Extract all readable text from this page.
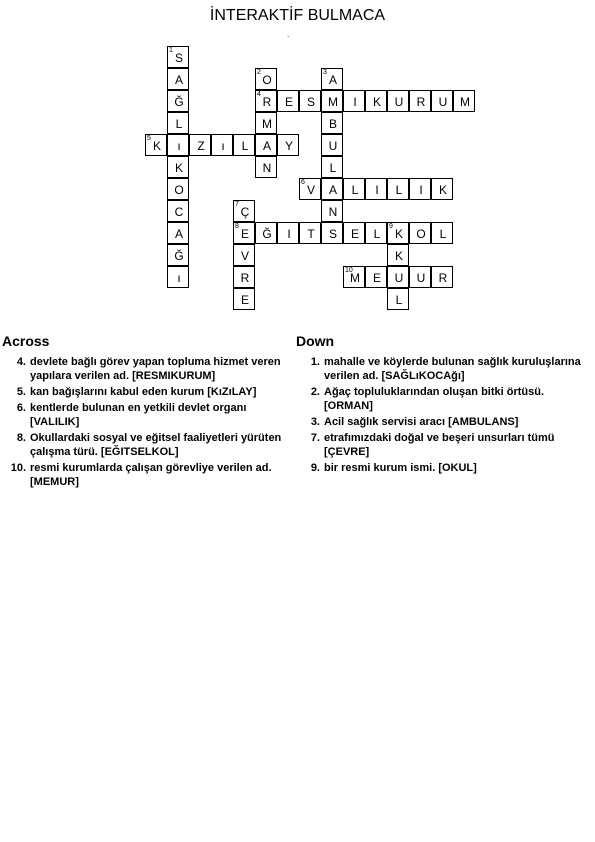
İNTERAKTİF BULMACA
.
1
S
A
Ğ
L
ı
K
O
C
A
Ğ
ı
2
O
4
R
M
A
N
3
A
M
B
U
L
A
N
S
E	S	I	K	U	R	U	M
5
K	Z	ı	L	Y
6
V	L	I	L	I	K
7
Ç
8
E
V
R
E
Ğ	I	T	E	L
9
K	O	L
K
U
L
10
M	E	U	R
Across
4. devlete bağlı görev yapan topluma hizmet veren yapılara verilen ad. [RESMIKURUM]
5. kan bağışlarını kabul eden kurum [KıZıLAY]
6. kentlerde bulunan en yetkili devlet organı [VALILIK]
8. Okullardaki sosyal ve eğitsel faaliyetleri yürüten çalışma türü. [EĞITSELKOL]
10. resmi kurumlarda çalışan görevliye verilen ad. [MEMUR]
Down
1. mahalle ve köylerde bulunan sağlık kuruluşlarına verilen ad. [SAĞLıKOCAğı]
2. Ağaç topluluklarından oluşan bitki örtüsü. [ORMAN]
3. Acil sağlık servisi aracı [AMBULANS]
7. etrafımızdaki doğal ve beşeri unsurları tümü [ÇEVRE]
9. bir resmi kurum ismi. [OKUL]
